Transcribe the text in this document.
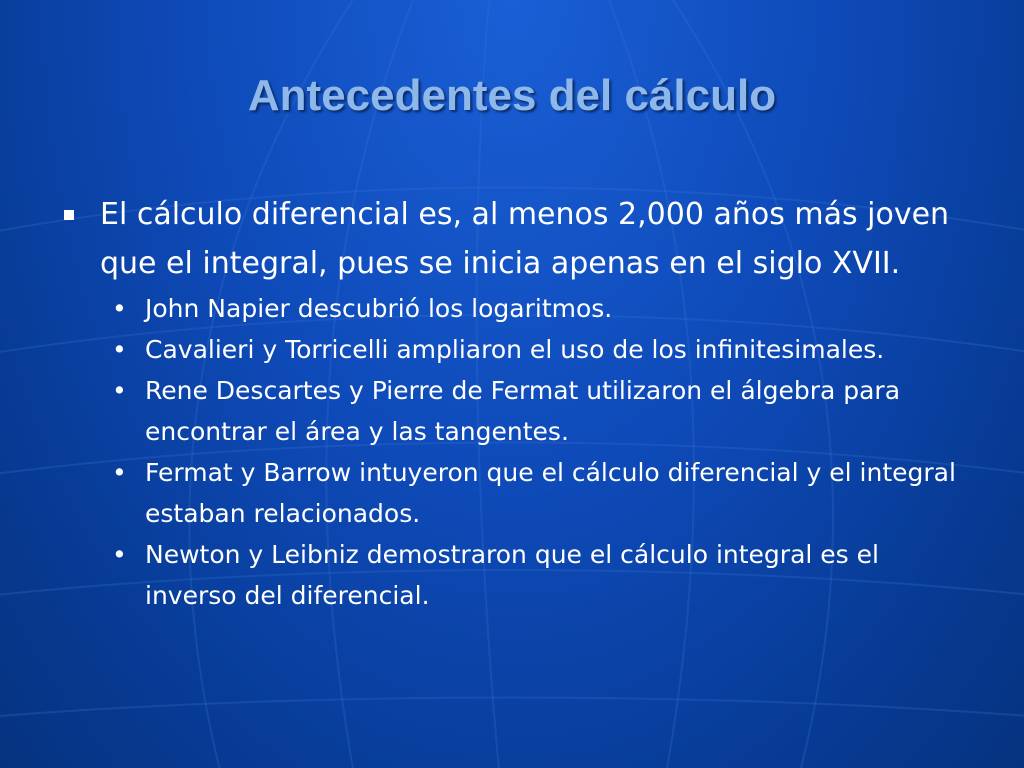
Antecedentes del cálculo
El cálculo diferencial es, al menos 2,000 años más joven que el integral, pues se inicia apenas en el siglo XVII.
• John Napier descubrió los logaritmos.
• Cavalieri y Torricelli ampliaron el uso de los infinitesimales.
• Rene Descartes y Pierre de Fermat utilizaron el álgebra para encontrar el área y las tangentes.
• Fermat y Barrow intuyeron que el cálculo diferencial y el integral estaban relacionados.
• Newton y Leibniz demostraron que el cálculo integral es el inverso del diferencial.
